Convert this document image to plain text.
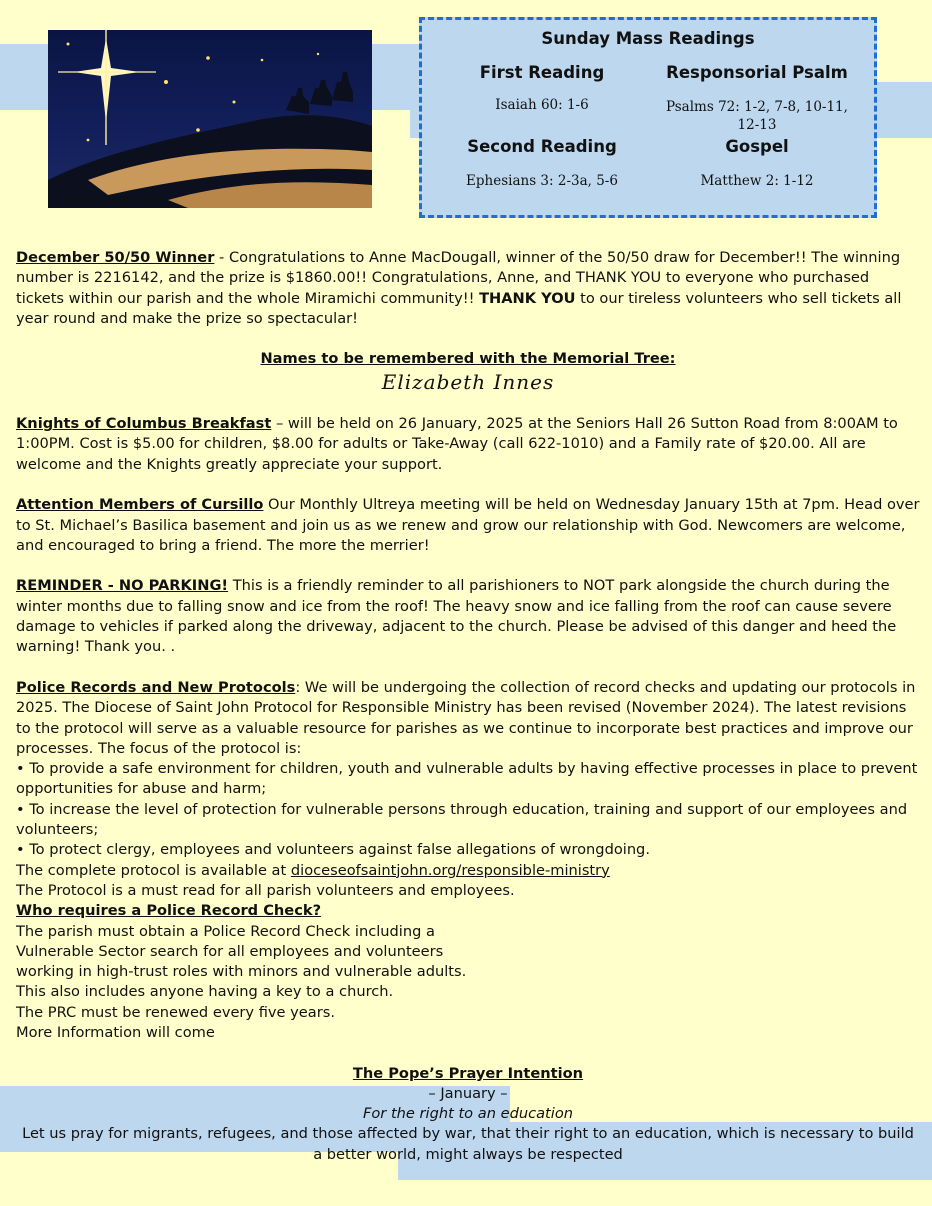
Religious Graphics Ltd.
Sunday Mass Readings
First Reading
Isaiah 60: 1-6
Responsorial Psalm
Psalms 72: 1-2, 7-8, 10-11,
12-13
Second Reading
Ephesians 3: 2-3a, 5-6
Gospel
Matthew 2: 1-12

December 50/50 Winner - Congratulations to Anne MacDougall, winner of the 50/50 draw for December!! The winning number is 2216142, and the prize is $1860.00!! Congratulations, Anne, and THANK YOU to everyone who purchased tickets within our parish and the whole Miramichi community!! THANK YOU to our tireless volunteers who sell tickets all year round and make the prize so spectacular!

Names to be remembered with the Memorial Tree:

Elizabeth Innes

Knights of Columbus Breakfast – will be held on 26 January, 2025 at the Seniors Hall 26 Sutton Road from 8:00AM to 1:00PM. Cost is $5.00 for children, $8.00 for adults or Take-Away (call 622-1010) and a Family rate of $20.00. All are welcome and the Knights greatly appreciate your support.

Attention Members of Cursillo Our Monthly Ultreya meeting will be held on Wednesday January 15th at 7pm. Head over to St. Michael’s Basilica basement and join us as we renew and grow our relationship with God. Newcomers are welcome, and encouraged to bring a friend. The more the merrier!

REMINDER - NO PARKING! This is a friendly reminder to all parishioners to NOT park alongside the church during the winter months due to falling snow and ice from the roof! The heavy snow and ice falling from the roof can cause severe damage to vehicles if parked along the driveway, adjacent to the church. Please be advised of this danger and heed the warning! Thank you. .

Police Records and New Protocols: We will be undergoing the collection of record checks and updating our protocols in 2025. The Diocese of Saint John Protocol for Responsible Ministry has been revised (November 2024). The latest revisions to the protocol will serve as a valuable resource for parishes as we continue to incorporate best practices and improve our processes. The focus of the protocol is:

• To provide a safe environment for children, youth and vulnerable adults by having effective processes in place to prevent opportunities for abuse and harm;

• To increase the level of protection for vulnerable persons through education, training and support of our employees and volunteers;

• To protect clergy, employees and volunteers against false allegations of wrongdoing.

The complete protocol is available at dioceseofsaintjohn.org/responsible-ministry

The Protocol is a must read for all parish volunteers and employees.

Who requires a Police Record Check?

The parish must obtain a Police Record Check including a

Vulnerable Sector search for all employees and volunteers

working in high-trust roles with minors and vulnerable adults.

This also includes anyone having a key to a church.

The PRC must be renewed every five years.

More Information will come

The Pope’s Prayer Intention

– January –

For the right to an education

Let us pray for migrants, refugees, and those affected by war, that their right to an education, which is necessary to build a better world, might always be respected
